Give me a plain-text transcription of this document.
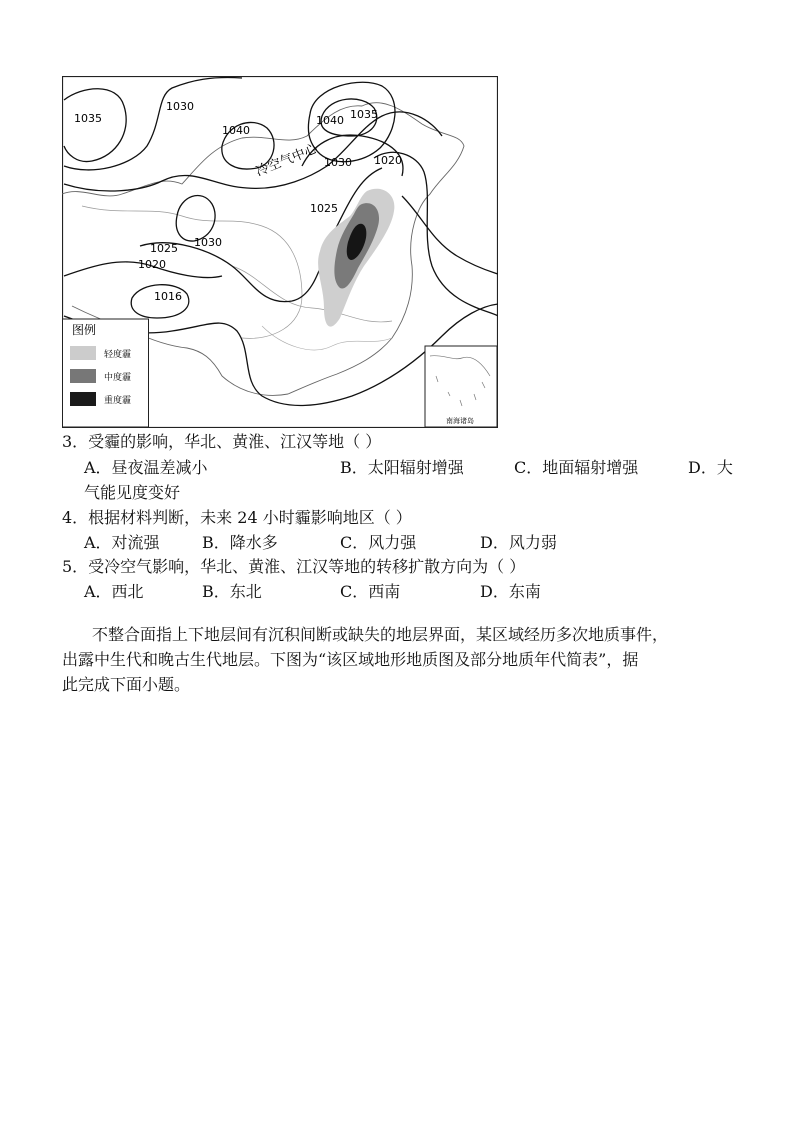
1035
1030
1040
1040 1035
1030 1020
1025
1025 1030
1020
1016
冷空气中心
图例
轻度霾
中度霾
重度霾
南海诸岛
3．受霾的影响，华北、黄淮、江汉等地（ ）
A．昼夜温差减小	B．太阳辐射增强	C．地面辐射增强	D．大
气能见度变好
4．根据材料判断，未来 24 小时霾影响地区（ ）
A．对流强	B．降水多	C．风力强	D．风力弱
5．受冷空气影响，华北、黄淮、江汉等地的转移扩散方向为（ ）
A．西北	B．东北	C．西南	D．东南
不整合面指上下地层间有沉积间断或缺失的地层界面，某区域经历多次地质事件，
出露中生代和晚古生代地层。下图为“该区域地形地质图及部分地质年代简表”，据
此完成下面小题。
